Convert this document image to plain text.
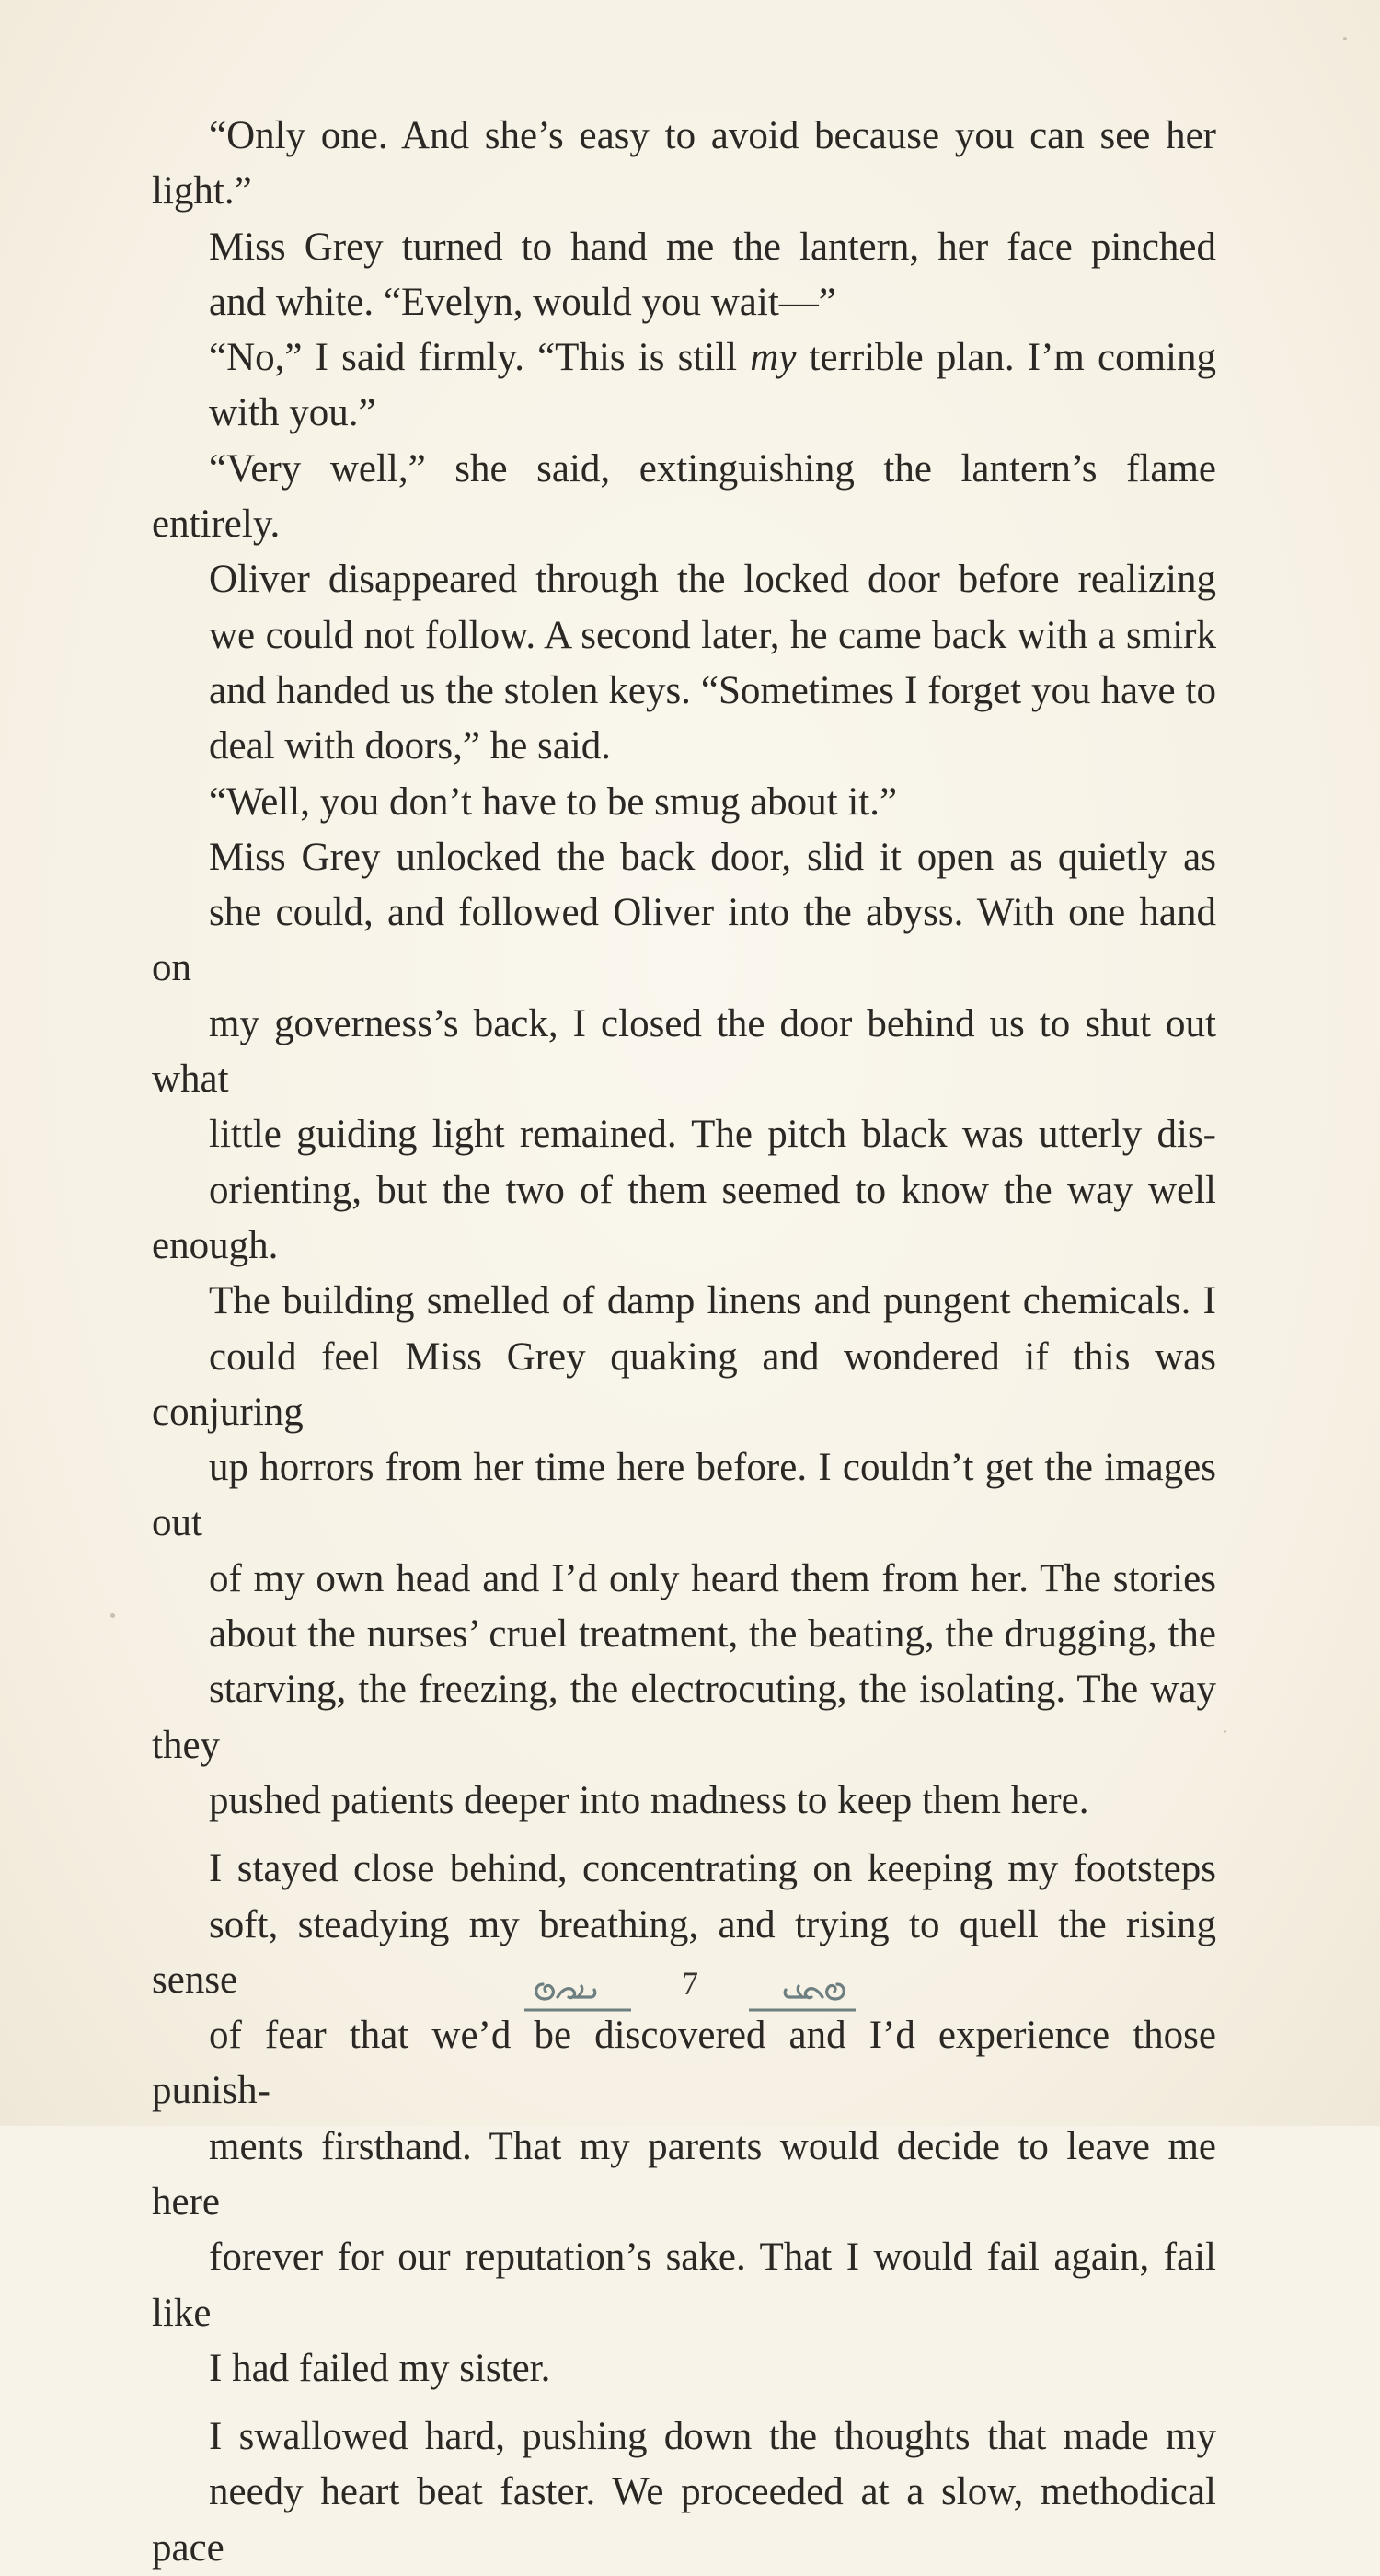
“Only one. And she’s easy to avoid because you can see her light.”

Miss Grey turned to hand me the lantern, her face pinched
and white. “Evelyn, would you wait—”

“No,” I said firmly. “This is still my terrible plan. I’m coming
with you.”

“Very well,” she said, extinguishing the lantern’s flame entirely.

Oliver disappeared through the locked door before realizing
we could not follow. A second later, he came back with a smirk
and handed us the stolen keys. “Sometimes I forget you have to
deal with doors,” he said.

“Well, you don’t have to be smug about it.”

Miss Grey unlocked the back door, slid it open as quietly as
she could, and followed Oliver into the abyss. With one hand on
my governess’s back, I closed the door behind us to shut out what
little guiding light remained. The pitch black was utterly dis-
orienting, but the two of them seemed to know the way well enough.
The building smelled of damp linens and pungent chemicals. I
could feel Miss Grey quaking and wondered if this was conjuring
up horrors from her time here before. I couldn’t get the images out
of my own head and I’d only heard them from her. The stories
about the nurses’ cruel treatment, the beating, the drugging, the
starving, the freezing, the electrocuting, the isolating. The way they
pushed patients deeper into madness to keep them here.

I stayed close behind, concentrating on keeping my footsteps
soft, steadying my breathing, and trying to quell the rising sense
of fear that we’d be discovered and I’d experience those punish-
ments firsthand. That my parents would decide to leave me here
forever for our reputation’s sake. That I would fail again, fail like
I had failed my sister.

I swallowed hard, pushing down the thoughts that made my
needy heart beat faster. We proceeded at a slow, methodical pace

7
